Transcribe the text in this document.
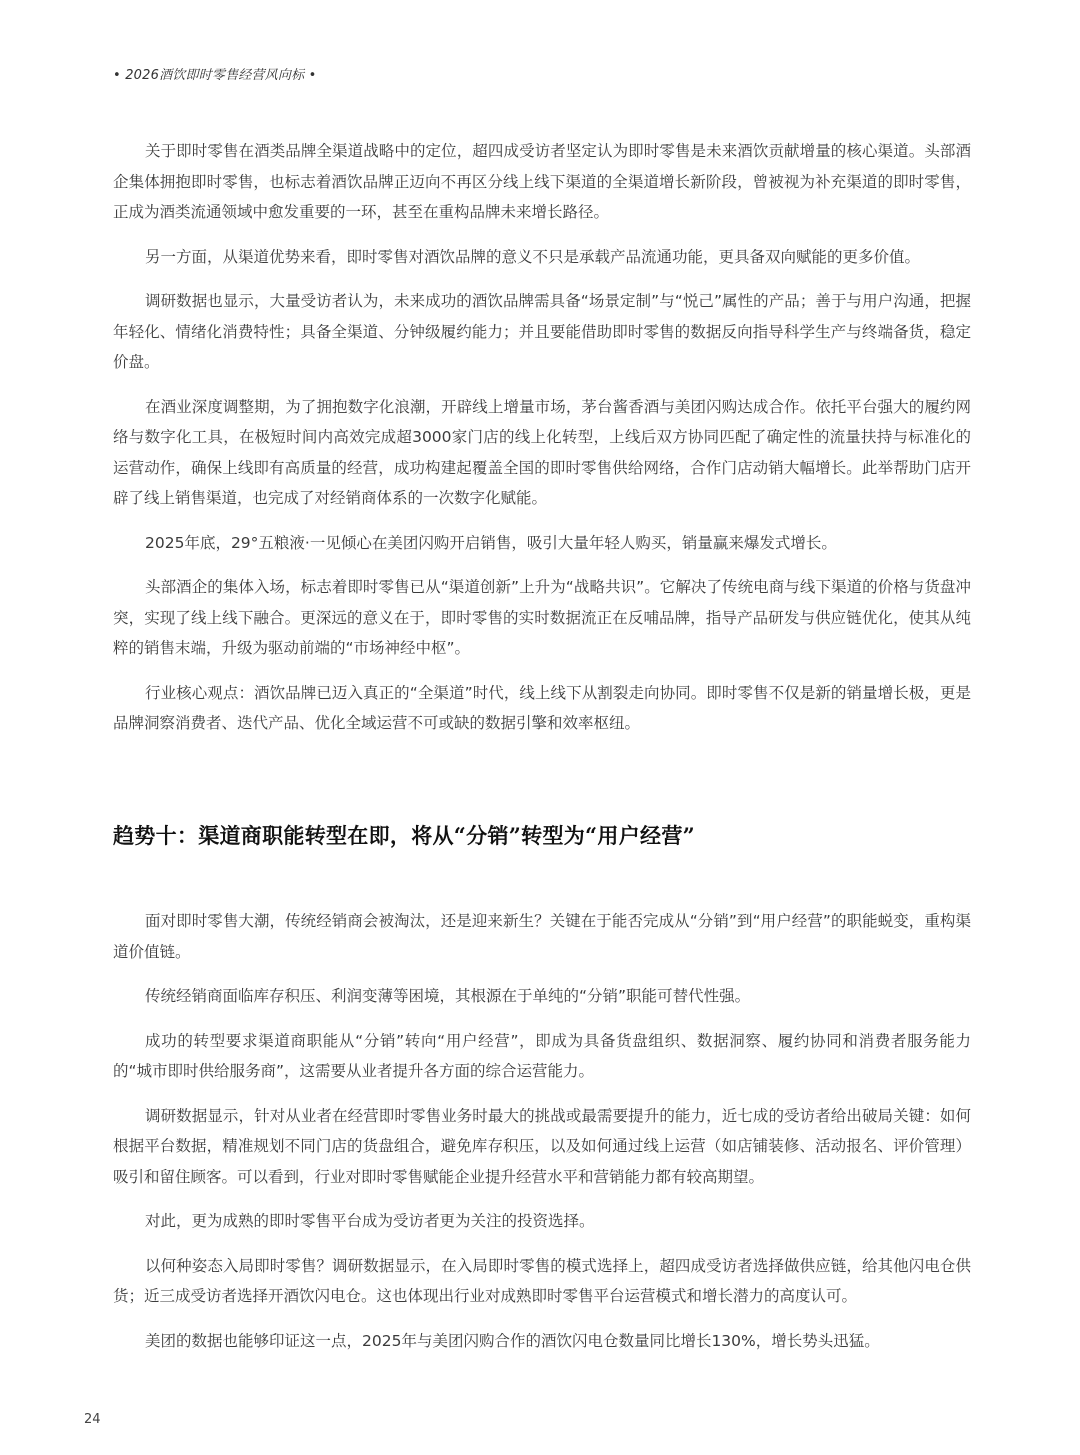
• 2026酒饮即时零售经营风向标 •

关于即时零售在酒类品牌全渠道战略中的定位，超四成受访者坚定认为即时零售是未来酒饮贡献增量的核心渠道。头部酒企集体拥抱即时零售，也标志着酒饮品牌正迈向不再区分线上线下渠道的全渠道增长新阶段，曾被视为补充渠道的即时零售，正成为酒类流通领域中愈发重要的一环，甚至在重构品牌未来增长路径。

另一方面，从渠道优势来看，即时零售对酒饮品牌的意义不只是承载产品流通功能，更具备双向赋能的更多价值。

调研数据也显示，大量受访者认为，未来成功的酒饮品牌需具备“场景定制”与“悦己”属性的产品；善于与用户沟通，把握年轻化、情绪化消费特性；具备全渠道、分钟级履约能力；并且要能借助即时零售的数据反向指导科学生产与终端备货，稳定价盘。

在酒业深度调整期，为了拥抱数字化浪潮，开辟线上增量市场，茅台酱香酒与美团闪购达成合作。依托平台强大的履约网络与数字化工具，在极短时间内高效完成超3000家门店的线上化转型，上线后双方协同匹配了确定性的流量扶持与标准化的运营动作，确保上线即有高质量的经营，成功构建起覆盖全国的即时零售供给网络，合作门店动销大幅增长。此举帮助门店开辟了线上销售渠道，也完成了对经销商体系的一次数字化赋能。

2025年底，29°五粮液·一见倾心在美团闪购开启销售，吸引大量年轻人购买，销量赢来爆发式增长。

头部酒企的集体入场，标志着即时零售已从“渠道创新”上升为“战略共识”。它解决了传统电商与线下渠道的价格与货盘冲突，实现了线上线下融合。更深远的意义在于，即时零售的实时数据流正在反哺品牌，指导产品研发与供应链优化，使其从纯粹的销售末端，升级为驱动前端的“市场神经中枢”。

行业核心观点：酒饮品牌已迈入真正的“全渠道”时代，线上线下从割裂走向协同。即时零售不仅是新的销量增长极，更是品牌洞察消费者、迭代产品、优化全域运营不可或缺的数据引擎和效率枢纽。

趋势十：渠道商职能转型在即，将从“分销”转型为“用户经营”

面对即时零售大潮，传统经销商会被淘汰，还是迎来新生？关键在于能否完成从“分销”到“用户经营”的职能蜕变，重构渠道价值链。

传统经销商面临库存积压、利润变薄等困境，其根源在于单纯的“分销”职能可替代性强。

成功的转型要求渠道商职能从“分销”转向“用户经营”，即成为具备货盘组织、数据洞察、履约协同和消费者服务能力的“城市即时供给服务商”，这需要从业者提升各方面的综合运营能力。

调研数据显示，针对从业者在经营即时零售业务时最大的挑战或最需要提升的能力，近七成的受访者给出破局关键：如何根据平台数据，精准规划不同门店的货盘组合，避免库存积压，以及如何通过线上运营（如店铺装修、活动报名、评价管理）吸引和留住顾客。可以看到，行业对即时零售赋能企业提升经营水平和营销能力都有较高期望。

对此，更为成熟的即时零售平台成为受访者更为关注的投资选择。

以何种姿态入局即时零售？调研数据显示，在入局即时零售的模式选择上，超四成受访者选择做供应链，给其他闪电仓供货；近三成受访者选择开酒饮闪电仓。这也体现出行业对成熟即时零售平台运营模式和增长潜力的高度认可。

美团的数据也能够印证这一点，2025年与美团闪购合作的酒饮闪电仓数量同比增长130%，增长势头迅猛。

24
